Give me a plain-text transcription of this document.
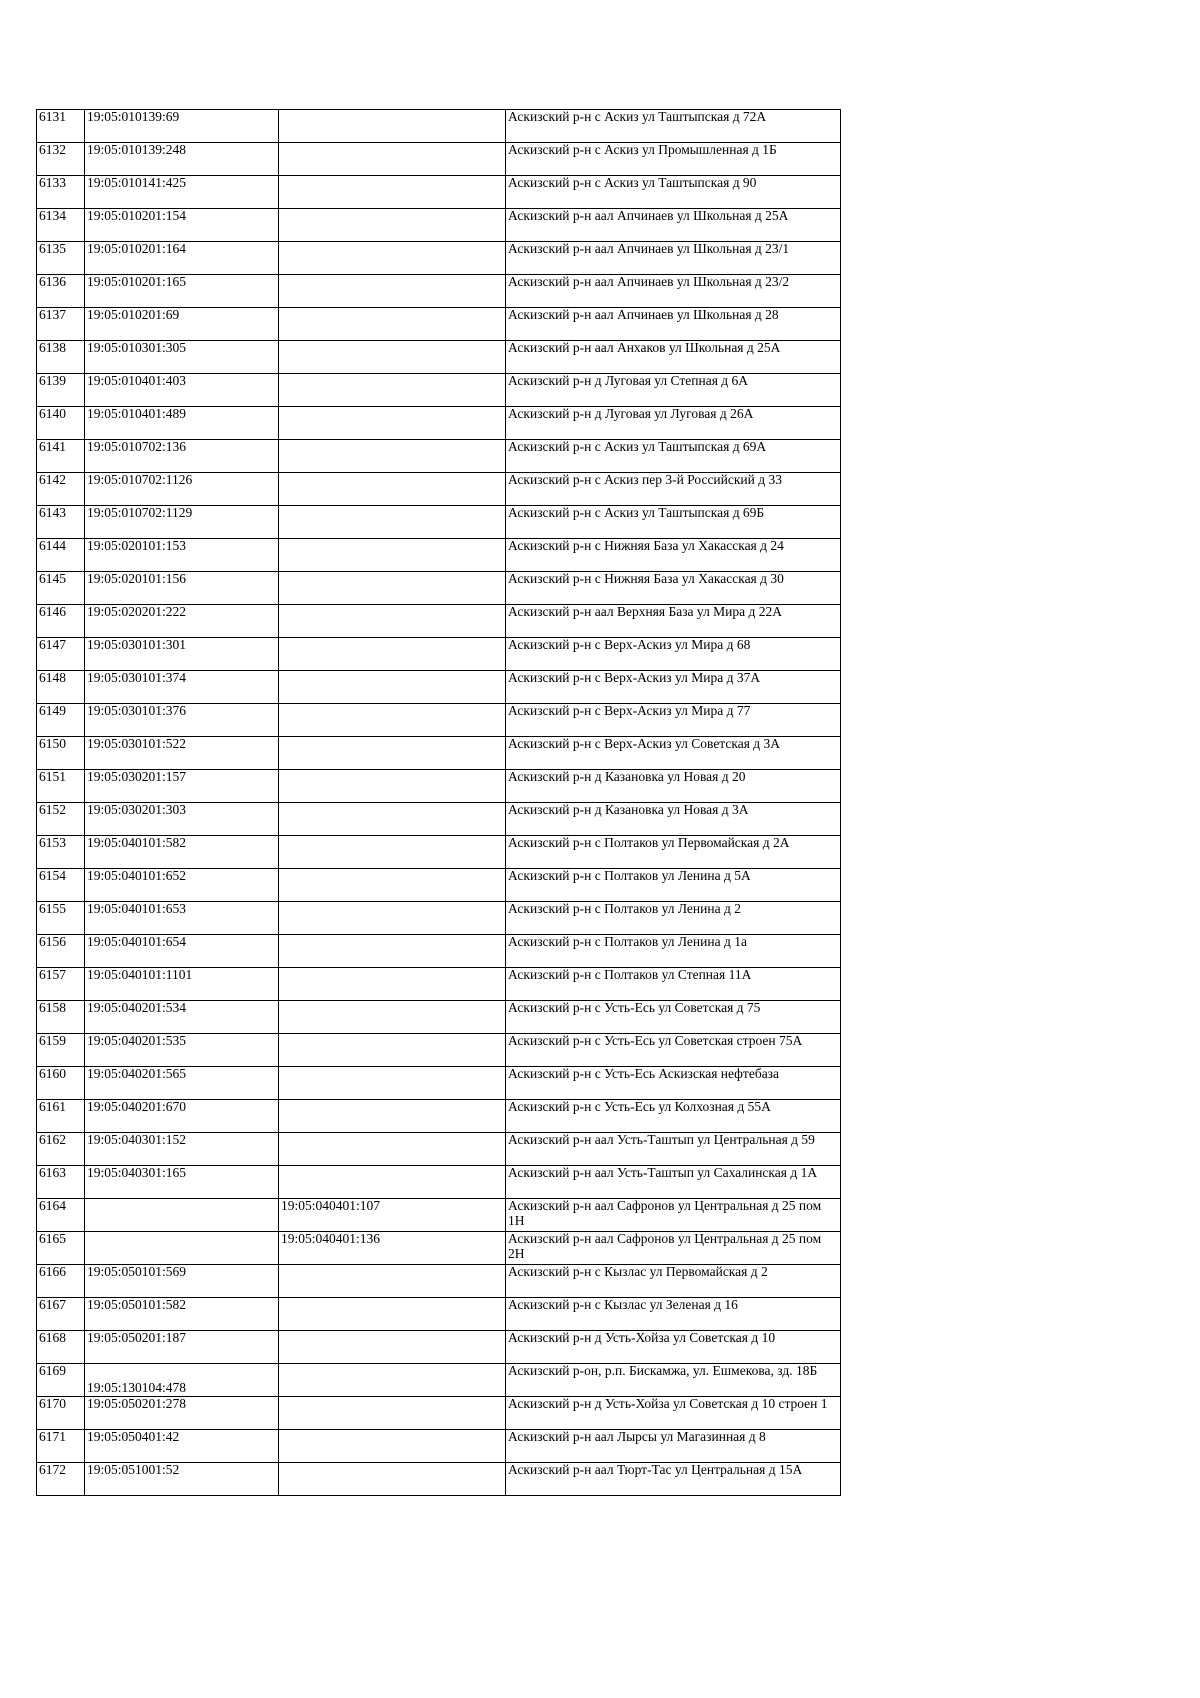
6131	19:05:010139:69		Аскизский р-н с Аскиз ул Таштыпская д 72А
6132	19:05:010139:248		Аскизский р-н с Аскиз ул Промышленная д 1Б
6133	19:05:010141:425		Аскизский р-н с Аскиз ул Таштыпская д 90
6134	19:05:010201:154		Аскизский р-н аал Апчинаев ул Школьная д 25А
6135	19:05:010201:164		Аскизский р-н аал Апчинаев ул Школьная д 23/1
6136	19:05:010201:165		Аскизский р-н аал Апчинаев ул Школьная д 23/2
6137	19:05:010201:69		Аскизский р-н аал Апчинаев ул Школьная д 28
6138	19:05:010301:305		Аскизский р-н аал Анхаков ул Школьная д 25А
6139	19:05:010401:403		Аскизский р-н д Луговая ул Степная д 6А
6140	19:05:010401:489		Аскизский р-н д Луговая ул Луговая д 26А
6141	19:05:010702:136		Аскизский р-н с Аскиз ул Таштыпская д 69А
6142	19:05:010702:1126		Аскизский р-н с Аскиз пер 3-й Российский д 33
6143	19:05:010702:1129		Аскизский р-н с Аскиз ул Таштыпская д 69Б
6144	19:05:020101:153		Аскизский р-н с Нижняя База ул Хакасская д 24
6145	19:05:020101:156		Аскизский р-н с Нижняя База ул Хакасская д 30
6146	19:05:020201:222		Аскизский р-н аал Верхняя База ул Мира д 22А
6147	19:05:030101:301		Аскизский р-н с Верх-Аскиз ул Мира д 68
6148	19:05:030101:374		Аскизский р-н с Верх-Аскиз ул Мира д 37А
6149	19:05:030101:376		Аскизский р-н с Верх-Аскиз ул Мира д 77
6150	19:05:030101:522		Аскизский р-н с Верх-Аскиз ул Советская д 3А
6151	19:05:030201:157		Аскизский р-н д Казановка ул Новая д 20
6152	19:05:030201:303		Аскизский р-н д Казановка ул Новая д 3А
6153	19:05:040101:582		Аскизский р-н с Полтаков ул Первомайская д 2А
6154	19:05:040101:652		Аскизский р-н с Полтаков ул Ленина д 5А
6155	19:05:040101:653		Аскизский р-н с Полтаков ул Ленина д 2
6156	19:05:040101:654		Аскизский р-н с Полтаков ул Ленина д 1а
6157	19:05:040101:1101		Аскизский р-н с Полтаков ул Степная 11А
6158	19:05:040201:534		Аскизский р-н с Усть-Есь ул Советская д 75
6159	19:05:040201:535		Аскизский р-н с Усть-Есь ул Советская строен 75А
6160	19:05:040201:565		Аскизский р-н с Усть-Есь Аскизская нефтебаза
6161	19:05:040201:670		Аскизский р-н с Усть-Есь ул Колхозная д 55А
6162	19:05:040301:152		Аскизский р-н аал Усть-Таштып ул Центральная д 59
6163	19:05:040301:165		Аскизский р-н аал Усть-Таштып ул Сахалинская д 1А
6164		19:05:040401:107	Аскизский р-н аал Сафронов ул Центральная д 25 пом 1Н
6165		19:05:040401:136	Аскизский р-н аал Сафронов ул Центральная д 25 пом 2Н
6166	19:05:050101:569		Аскизский р-н с Кызлас ул Первомайская д 2
6167	19:05:050101:582		Аскизский р-н с Кызлас ул Зеленая д 16
6168	19:05:050201:187		Аскизский р-н д Усть-Хойза ул Советская д 10
6169	19:05:130104:478		Аскизский р-он, р.п. Бискамжа, ул. Ешмекова, зд. 18Б
6170	19:05:050201:278		Аскизский р-н д Усть-Хойза ул Советская д 10 строен 1
6171	19:05:050401:42		Аскизский р-н аал Лырсы ул Магазинная д 8
6172	19:05:051001:52		Аскизский р-н аал Тюрт-Тас ул Центральная д 15А
